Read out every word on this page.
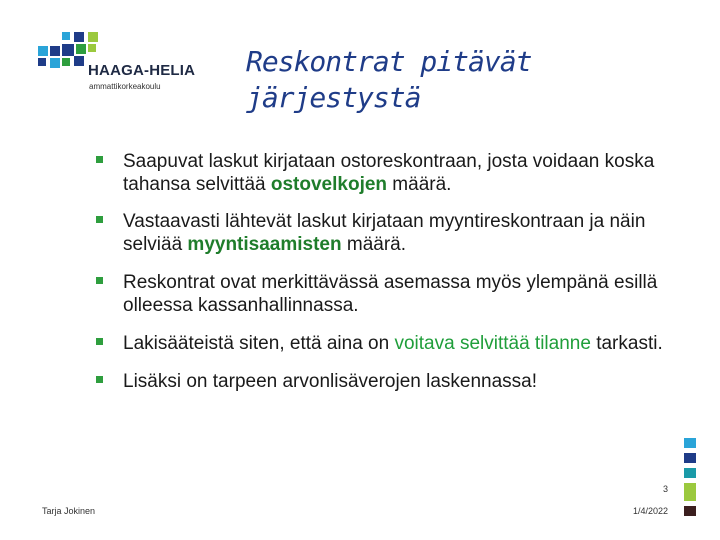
HAAGA-HELIA
ammattikorkeakoulu
Reskontrat pitävät
järjestystä
Saapuvat laskut kirjataan ostoreskontraan, josta voidaan koska tahansa selvittää ostovelkojen määrä.
Vastaavasti lähtevät laskut kirjataan myyntireskontraan ja näin selviää myyntisaamisten määrä.
Reskontrat ovat merkittävässä asemassa myös ylempänä esillä olleessa kassanhallinnassa.
Lakisääteistä siten, että aina on voitava selvittää tilanne tarkasti.
Lisäksi on tarpeen arvonlisäverojen laskennassa!
3
Tarja Jokinen	1/4/2022
